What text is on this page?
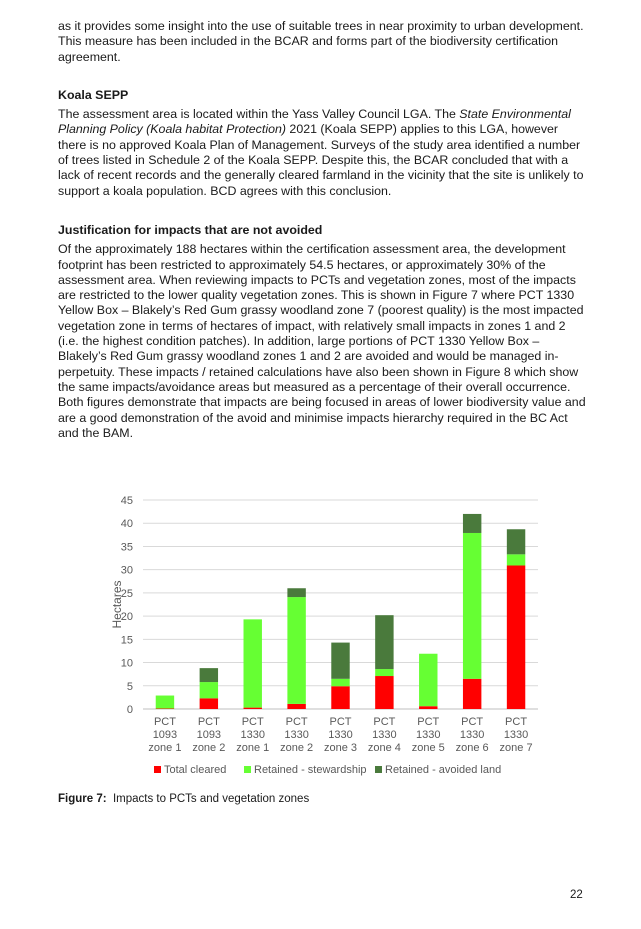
as it provides some insight into the use of suitable trees in near proximity to urban development. This measure has been included in the BCAR and forms part of the biodiversity certification agreement.

Koala SEPP

The assessment area is located within the Yass Valley Council LGA. The State Environmental Planning Policy (Koala habitat Protection) 2021 (Koala SEPP) applies to this LGA, however there is no approved Koala Plan of Management. Surveys of the study area identified a number of trees listed in Schedule 2 of the Koala SEPP. Despite this, the BCAR concluded that with a lack of recent records and the generally cleared farmland in the vicinity that the site is unlikely to support a koala population. BCD agrees with this conclusion.

Justification for impacts that are not avoided

Of the approximately 188 hectares within the certification assessment area, the development footprint has been restricted to approximately 54.5 hectares, or approximately 30% of the assessment area. When reviewing impacts to PCTs and vegetation zones, most of the impacts are restricted to the lower quality vegetation zones. This is shown in Figure 7 where PCT 1330 Yellow Box – Blakely’s Red Gum grassy woodland zone 7 (poorest quality) is the most impacted vegetation zone in terms of hectares of impact, with relatively small impacts in zones 1 and 2 (i.e. the highest condition patches). In addition, large portions of PCT 1330 Yellow Box – Blakely’s Red Gum grassy woodland zones 1 and 2 are avoided and would be managed in-perpetuity. These impacts / retained calculations have also been shown in Figure 8 which show the same impacts/avoidance areas but measured as a percentage of their overall occurrence. Both figures demonstrate that impacts are being focused in areas of lower biodiversity value and are a good demonstration of the avoid and minimise impacts hierarchy required in the BC Act and the BAM.

0
5
10
15
20
25
30
35
40
45
Hectares
PCT
1093
zone 1
PCT
1093
zone 2
PCT
1330
zone 1
PCT
1330
zone 2
PCT
1330
zone 3
PCT
1330
zone 4
PCT
1330
zone 5
PCT
1330
zone 6
PCT
1330
zone 7
Total cleared	Retained - stewardship Retained - avoided land
Figure 7:  Impacts to PCTs and vegetation zones
22
